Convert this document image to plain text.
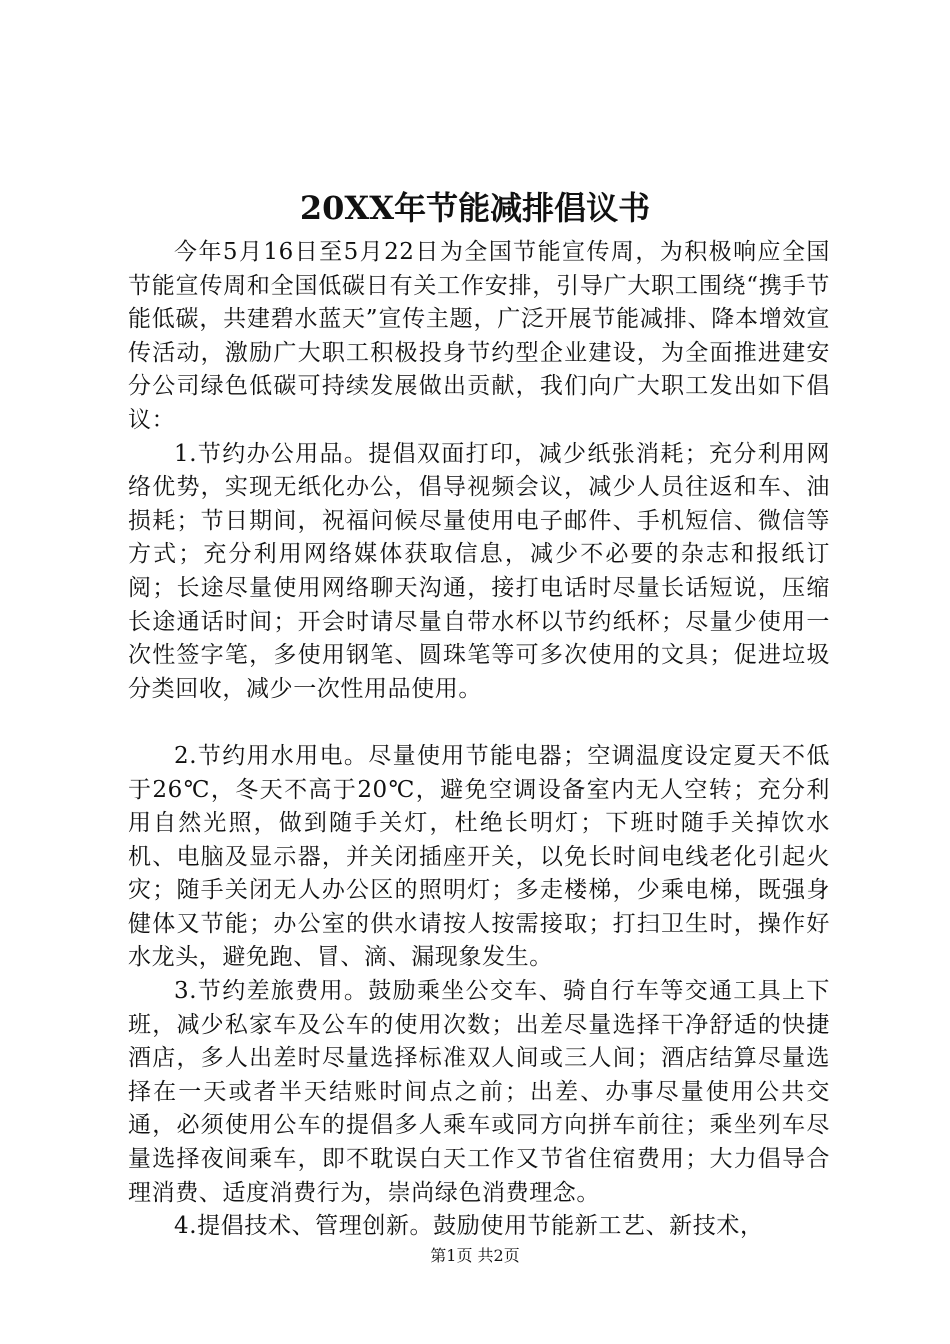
20XX年节能减排倡议书

今年5月16日至5月22日为全国节能宣传周，为积极响应全国节能宣传周和全国低碳日有关工作安排，引导广大职工围绕“携手节能低碳，共建碧水蓝天”宣传主题，广泛开展节能减排、降本增效宣传活动，激励广大职工积极投身节约型企业建设，为全面推进建安分公司绿色低碳可持续发展做出贡献，我们向广大职工发出如下倡议：

1.节约办公用品。提倡双面打印，减少纸张消耗；充分利用网络优势，实现无纸化办公，倡导视频会议，减少人员往返和车、油损耗；节日期间，祝福问候尽量使用电子邮件、手机短信、微信等方式；充分利用网络媒体获取信息，减少不必要的杂志和报纸订阅；长途尽量使用网络聊天沟通，接打电话时尽量长话短说，压缩长途通话时间；开会时请尽量自带水杯以节约纸杯；尽量少使用一次性签字笔，多使用钢笔、圆珠笔等可多次使用的文具；促进垃圾分类回收，减少一次性用品使用。

2.节约用水用电。尽量使用节能电器；空调温度设定夏天不低于26℃，冬天不高于20℃，避免空调设备室内无人空转；充分利用自然光照，做到随手关灯，杜绝长明灯；下班时随手关掉饮水机、电脑及显示器，并关闭插座开关，以免长时间电线老化引起火灾；随手关闭无人办公区的照明灯；多走楼梯，少乘电梯，既强身健体又节能；办公室的供水请按人按需接取；打扫卫生时，操作好水龙头，避免跑、冒、滴、漏现象发生。

3.节约差旅费用。鼓励乘坐公交车、骑自行车等交通工具上下班，减少私家车及公车的使用次数；出差尽量选择干净舒适的快捷酒店，多人出差时尽量选择标准双人间或三人间；酒店结算尽量选择在一天或者半天结账时间点之前；出差、办事尽量使用公共交通，必须使用公车的提倡多人乘车或同方向拼车前往；乘坐列车尽量选择夜间乘车，即不耽误白天工作又节省住宿费用；大力倡导合理消费、适度消费行为，崇尚绿色消费理念。

4.提倡技术、管理创新。鼓励使用节能新工艺、新技术，

第1页 共2页
